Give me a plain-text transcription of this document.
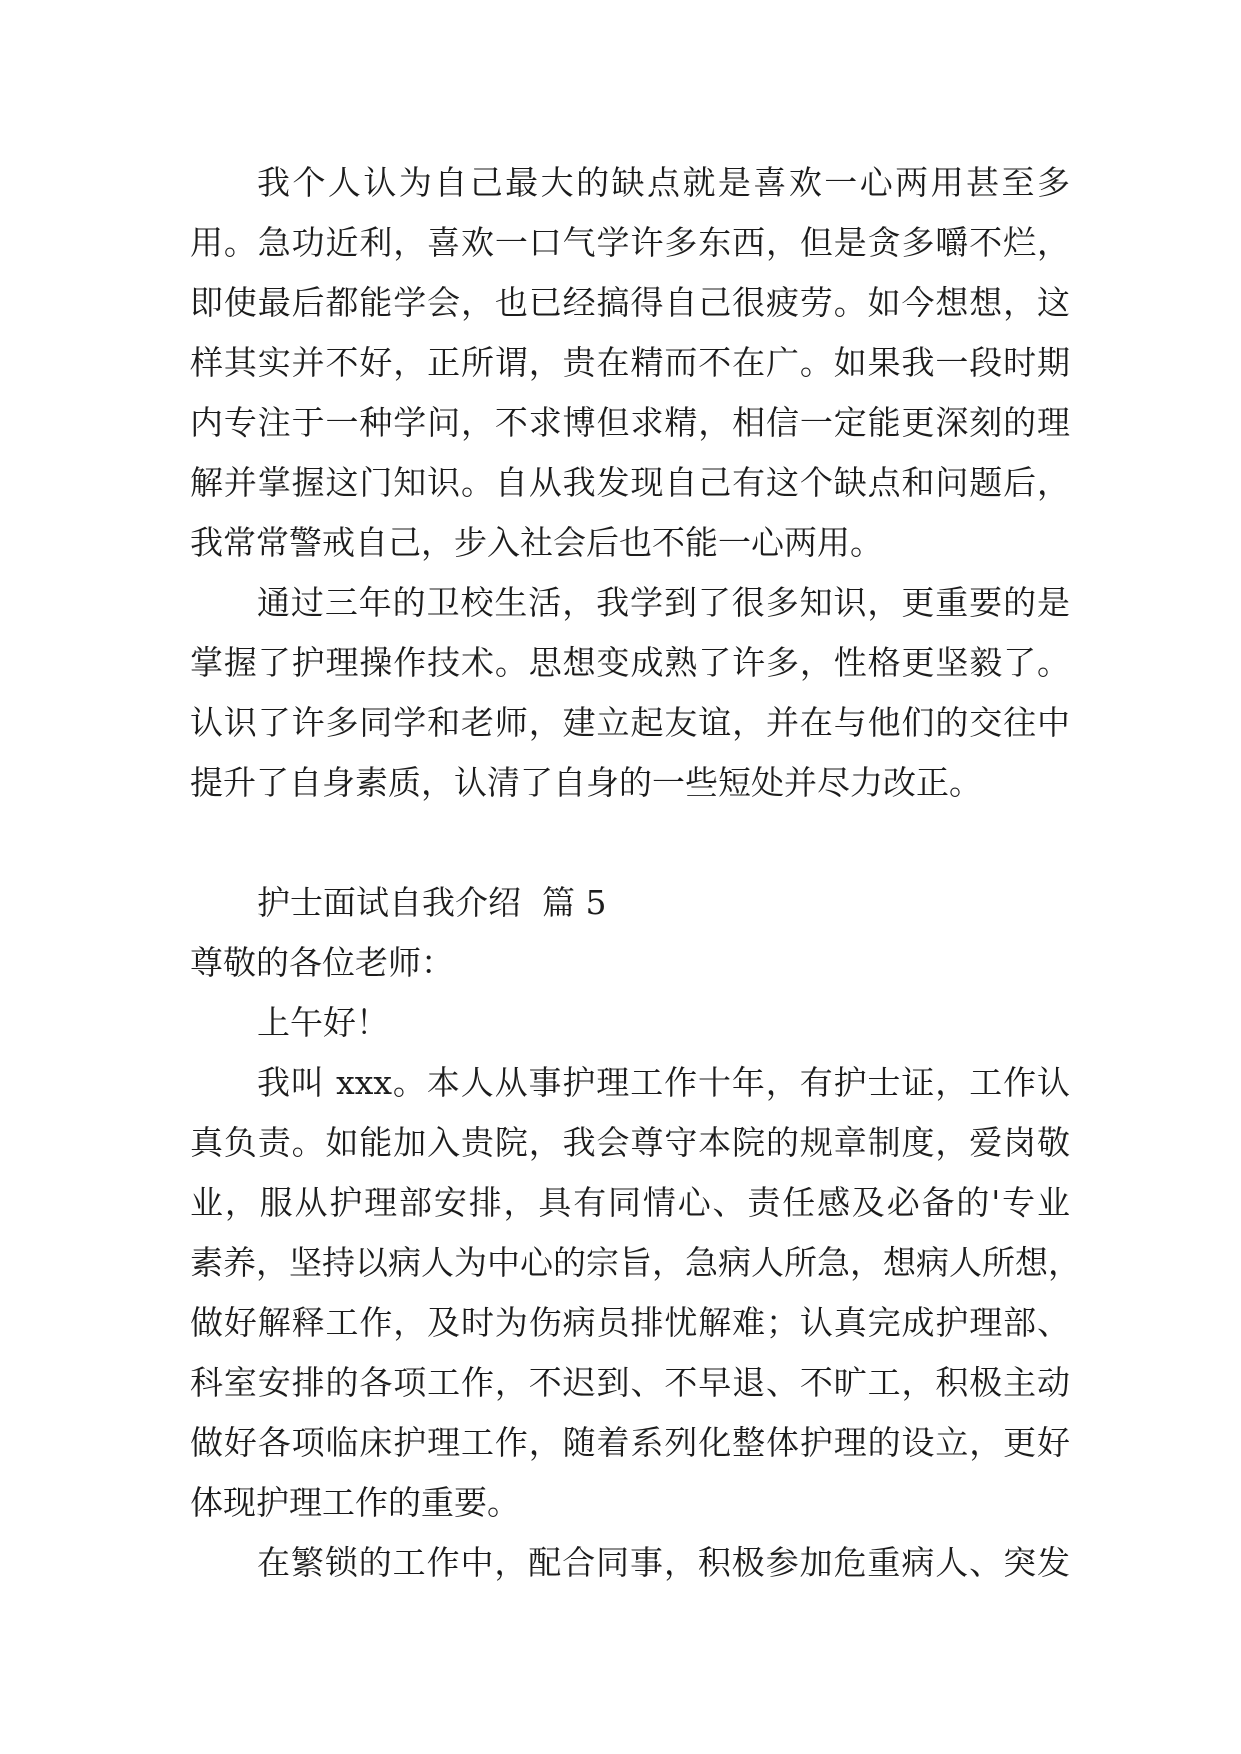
我个人认为自己最大的缺点就是喜欢一心两用甚至多
用。急功近利，喜欢一口气学许多东西，但是贪多嚼不烂，
即使最后都能学会，也已经搞得自己很疲劳。如今想想，这
样其实并不好，正所谓，贵在精而不在广。如果我一段时期
内专注于一种学问，不求博但求精，相信一定能更深刻的理
解并掌握这门知识。自从我发现自己有这个缺点和问题后，
我常常警戒自己，步入社会后也不能一心两用。
通过三年的卫校生活，我学到了很多知识，更重要的是
掌握了护理操作技术。思想变成熟了许多，性格更坚毅了。
认识了许多同学和老师，建立起友谊，并在与他们的交往中
提升了自身素质，认清了自身的一些短处并尽力改正。
护士面试自我介绍  篇 5
尊敬的各位老师：
上午好！
我叫 xxx。本人从事护理工作十年，有护士证，工作认
真负责。如能加入贵院，我会尊守本院的规章制度，爱岗敬
业，服从护理部安排，具有同情心、责任感及必备的'专业
素养，坚持以病人为中心的宗旨，急病人所急，想病人所想，
做好解释工作，及时为伤病员排忧解难；认真完成护理部、
科室安排的各项工作，不迟到、不早退、不旷工，积极主动
做好各项临床护理工作，随着系列化整体护理的设立，更好
体现护理工作的重要。
在繁锁的工作中，配合同事，积极参加危重病人、突发
